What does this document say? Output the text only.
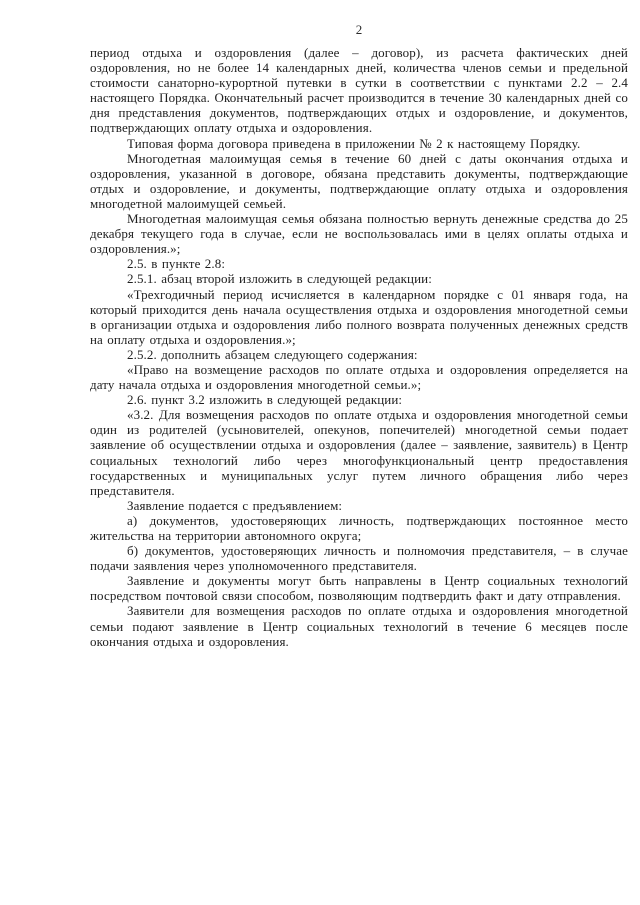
2

период отдыха и оздоровления (далее – договор), из расчета фактических дней оздоровления, но не более 14 календарных дней, количества членов семьи и предельной стоимости санаторно-курортной путевки в сутки в соответствии с пунктами 2.2 – 2.4 настоящего Порядка. Окончательный расчет производится в течение 30 календарных дней со дня представления документов, подтверждающих отдых и оздоровление, и документов, подтверждающих оплату отдыха и оздоровления.

Типовая форма договора приведена в приложении № 2 к настоящему Порядку.

Многодетная малоимущая семья в течение 60 дней с даты окончания отдыха и оздоровления, указанной в договоре, обязана представить документы, подтверждающие отдых и оздоровление, и документы, подтверждающие оплату отдыха и оздоровления многодетной малоимущей семьей.

Многодетная малоимущая семья обязана полностью вернуть денежные средства до 25 декабря текущего года в случае, если не воспользовалась ими в целях оплаты отдыха и оздоровления.»;

2.5. в пункте 2.8:

2.5.1. абзац второй изложить в следующей редакции:

«Трехгодичный период исчисляется в календарном порядке с 01 января года, на который приходится день начала осуществления отдыха и оздоровления многодетной семьи в организации отдыха и оздоровления либо полного возврата полученных денежных средств на оплату отдыха и оздоровления.»;

2.5.2. дополнить абзацем следующего содержания:

«Право на возмещение расходов по оплате отдыха и оздоровления определяется на дату начала отдыха и оздоровления многодетной семьи.»;

2.6. пункт 3.2 изложить в следующей редакции:

«3.2. Для возмещения расходов по оплате отдыха и оздоровления многодетной семьи один из родителей (усыновителей, опекунов, попечителей) многодетной семьи подает заявление об осуществлении отдыха и оздоровления (далее – заявление, заявитель) в Центр социальных технологий либо через многофункциональный центр предоставления государственных и муниципальных услуг путем личного обращения либо через представителя.

Заявление подается с предъявлением:

а) документов, удостоверяющих личность, подтверждающих постоянное место жительства на территории автономного округа;

б) документов, удостоверяющих личность и полномочия представителя, – в случае подачи заявления через уполномоченного представителя.

Заявление и документы могут быть направлены в Центр социальных технологий посредством почтовой связи способом, позволяющим подтвердить факт и дату отправления.

Заявители для возмещения расходов по оплате отдыха и оздоровления многодетной семьи подают заявление в Центр социальных технологий в течение 6 месяцев после окончания отдыха и оздоровления.
